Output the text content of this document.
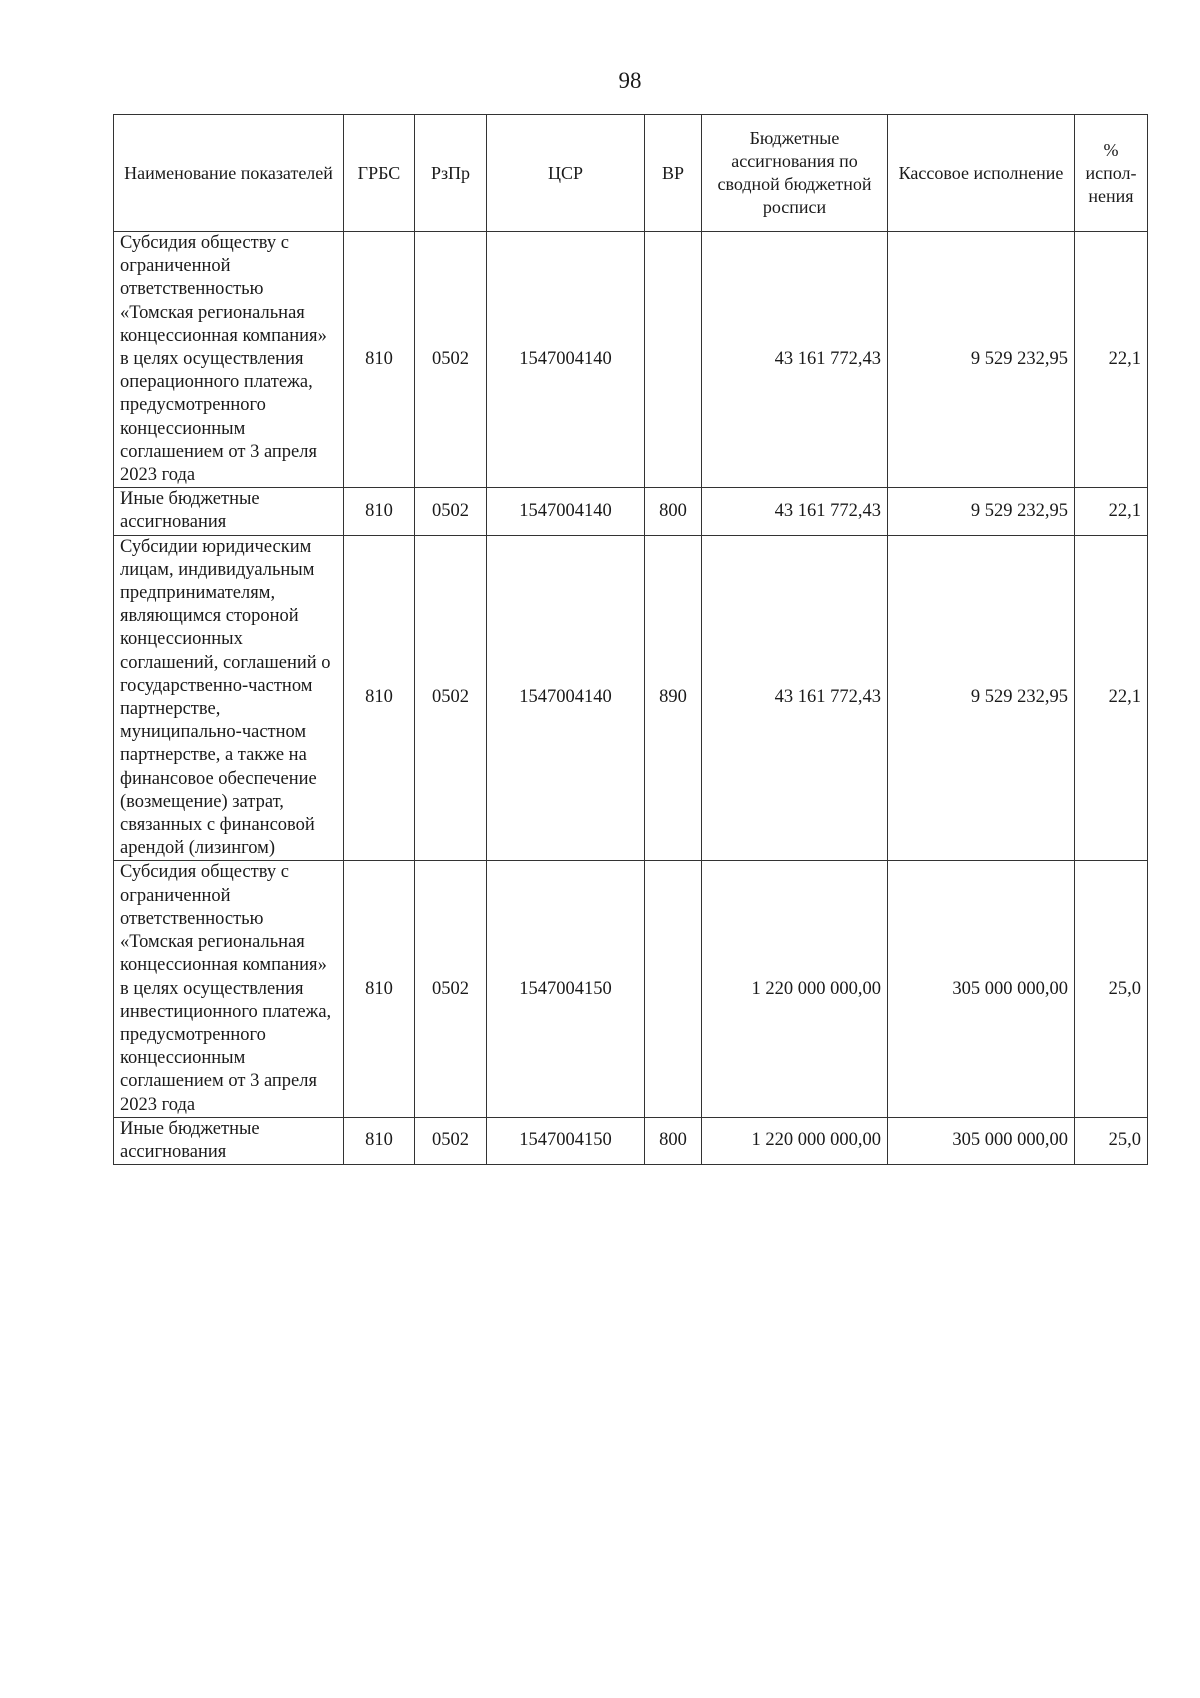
98
Наименование показателей	ГРБС	РзПр	ЦСР	ВР	Бюджетные ассигнования по сводной бюджетной росписи	Кассовое исполнение	% испол-нения
Субсидия обществу с ограниченной ответственностью «Томская региональная концессионная компания» в целях осуществления операционного платежа, предусмотренного концессионным соглашением от 3 апреля 2023 года	810	0502	1547004140		43 161 772,43	9 529 232,95	22,1
Иные бюджетные ассигнования	810	0502	1547004140	800	43 161 772,43	9 529 232,95	22,1
Субсидии юридическим лицам, индивидуальным предпринимателям, являющимся стороной концессионных соглашений, соглашений о государственно-частном партнерстве, муниципально-частном партнерстве, а также на финансовое обеспечение (возмещение) затрат, связанных с финансовой арендой (лизингом)	810	0502	1547004140	890	43 161 772,43	9 529 232,95	22,1
Субсидия обществу с ограниченной ответственностью «Томская региональная концессионная компания» в целях осуществления инвестиционного платежа, предусмотренного концессионным соглашением от 3 апреля 2023 года	810	0502	1547004150		1 220 000 000,00	305 000 000,00	25,0
Иные бюджетные ассигнования	810	0502	1547004150	800	1 220 000 000,00	305 000 000,00	25,0
